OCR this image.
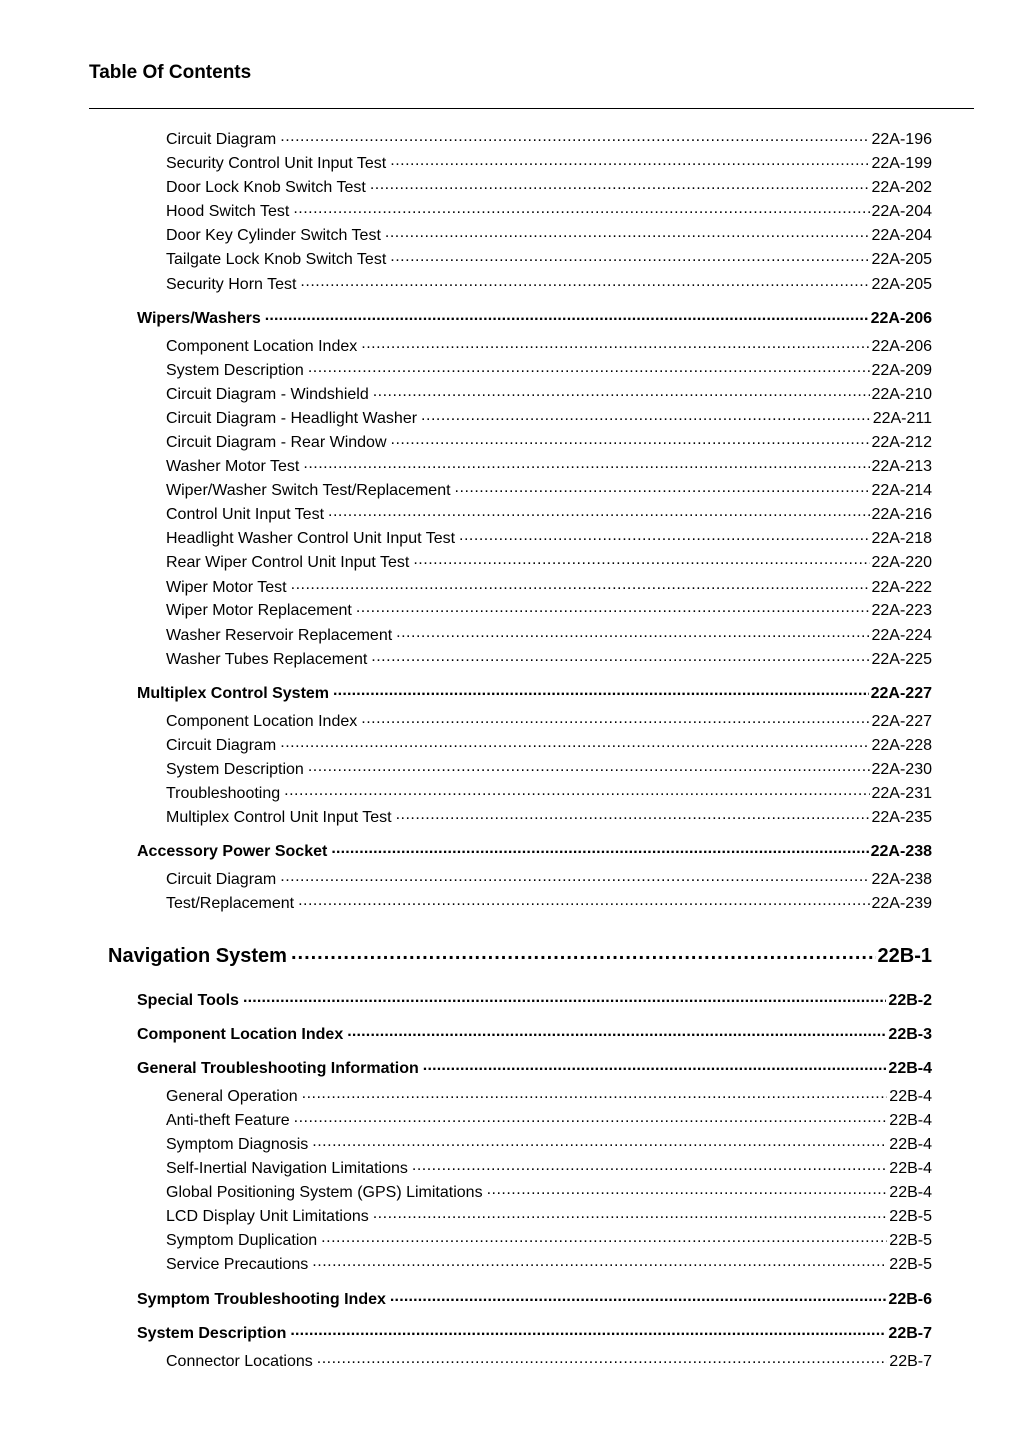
Table Of Contents
Circuit Diagram .....	22A-196
Security Control Unit Input Test .....	22A-199
Door Lock Knob Switch Test .....	22A-202
Hood Switch Test .....	22A-204
Door Key Cylinder Switch Test .....	22A-204
Tailgate Lock Knob Switch Test .....	22A-205
Security Horn Test .....	22A-205
Wipers/Washers .....	22A-206
Component Location Index .....	22A-206
System Description .....	22A-209
Circuit Diagram - Windshield .....	22A-210
Circuit Diagram - Headlight Washer .....	22A-211
Circuit Diagram - Rear Window .....	22A-212
Washer Motor Test .....	22A-213
Wiper/Washer Switch Test/Replacement .....	22A-214
Control Unit Input Test .....	22A-216
Headlight Washer Control Unit Input Test .....	22A-218
Rear Wiper Control Unit Input Test .....	22A-220
Wiper Motor Test .....	22A-222
Wiper Motor Replacement .....	22A-223
Washer Reservoir Replacement .....	22A-224
Washer Tubes Replacement .....	22A-225
Multiplex Control System .....	22A-227
Component Location Index .....	22A-227
Circuit Diagram .....	22A-228
System Description .....	22A-230
Troubleshooting .....	22A-231
Multiplex Control Unit Input Test .....	22A-235
Accessory Power Socket .....	22A-238
Circuit Diagram .....	22A-238
Test/Replacement .....	22A-239
Navigation System .....	22B-1
Special Tools .....	22B-2
Component Location Index .....	22B-3
General Troubleshooting Information .....	22B-4
General Operation .....	22B-4
Anti-theft Feature .....	22B-4
Symptom Diagnosis .....	22B-4
Self-Inertial Navigation Limitations .....	22B-4
Global Positioning System (GPS) Limitations .....	22B-4
LCD Display Unit Limitations .....	22B-5
Symptom Duplication .....	22B-5
Service Precautions .....	22B-5
Symptom Troubleshooting Index .....	22B-6
System Description .....	22B-7
Connector Locations .....	22B-7
